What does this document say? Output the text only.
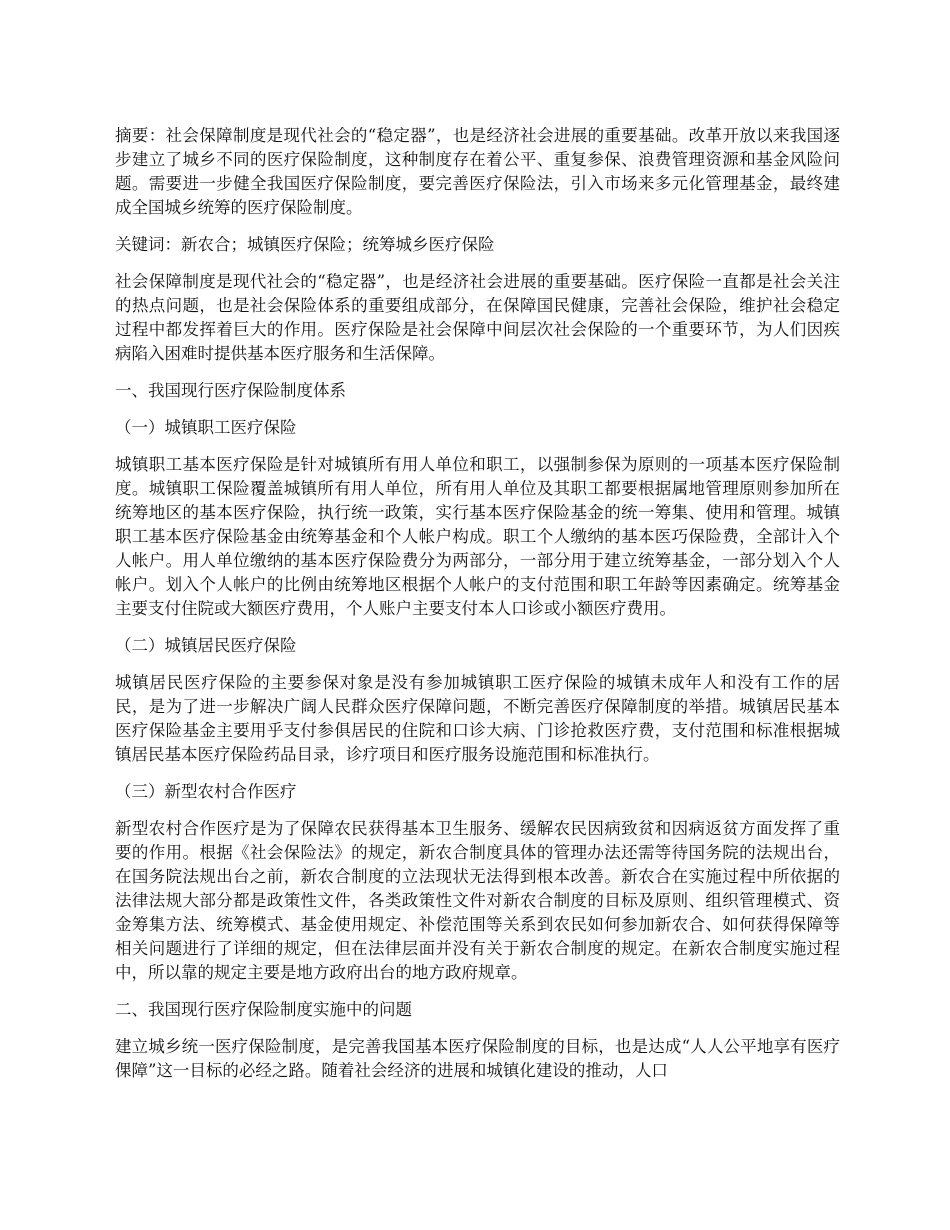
摘要：社会保障制度是现代社会的“稳定器”，也是经济社会进展的重要基础。改革开放以来我国逐步建立了城乡不同的医疗保险制度，这种制度存在着公平、重复参保、浪费管理资源和基金风险问题。需要进一步健全我国医疗保险制度，要完善医疗保险法，引入市场来多元化管理基金，最终建成全国城乡统筹的医疗保险制度。

关键词：新农合；城镇医疗保险；统筹城乡医疗保险

社会保障制度是现代社会的“稳定器”，也是经济社会进展的重要基础。医疗保险一直都是社会关注的热点问题，也是社会保险体系的重要组成部分，在保障国民健康，完善社会保险，维护社会稳定过程中都发挥着巨大的作用。医疗保险是社会保障中间层次社会保险的一个重要环节，为人们因疾病陷入困难时提供基本医疗服务和生活保障。

一、我国现行医疗保险制度体系

（一）城镇职工医疗保险

城镇职工基本医疗保险是针对城镇所有用人单位和职工，以强制参保为原则的一项基本医疗保险制度。城镇职工保险覆盖城镇所有用人单位，所有用人单位及其职工都要根据属地管理原则参加所在统筹地区的基本医疗保险，执行统一政策，实行基本医疗保险基金的统一筹集、使用和管理。城镇职工基本医疗保险基金由统筹基金和个人帐户构成。职工个人缴纳的基本医巧保险费，全部计入个人帐户。用人单位缴纳的基本医疗保险费分为两部分，一部分用于建立统筹基金，一部分划入个人帐户。划入个人帐户的比例由统筹地区根据个人帐户的支付范围和职工年龄等因素确定。统筹基金主要支付住院或大额医疗费用，个人账户主要支付本人口诊或小额医疗费用。

（二）城镇居民医疗保险

城镇居民医疗保险的主要参保对象是没有参加城镇职工医疗保险的城镇未成年人和没有工作的居民，是为了进一步解决广阔人民群众医疗保障问题，不断完善医疗保障制度的举措。城镇居民基本医疗保险基金主要用乎支付参俱居民的住院和口诊大病、门诊抢救医疗费，支付范围和标准根据城镇居民基本医疗保险药品目录，诊疗项目和医疗服务设施范围和标准执行。

（三）新型农村合作医疗

新型农村合作医疗是为了保障农民获得基本卫生服务、缓解农民因病致贫和因病返贫方面发挥了重要的作用。根据《社会保险法》的规定，新农合制度具体的管理办法还需等待国务院的法规出台，在国务院法规出台之前，新农合制度的立法现状无法得到根本改善。新农合在实施过程中所依据的法律法规大部分都是政策性文件，各类政策性文件对新农合制度的目标及原则、组织管理模式、资金筹集方法、统筹模式、基金使用规定、补偿范围等关系到农民如何参加新农合、如何获得保障等相关问题进行了详细的规定，但在法律层面并没有关于新农合制度的规定。在新农合制度实施过程中，所以靠的规定主要是地方政府出台的地方政府规章。

二、我国现行医疗保险制度实施中的问题

建立城乡统一医疗保险制度，是完善我国基本医疗保险制度的目标，也是达成“人人公平地享有医疗倮障”这一目标的必经之路。随着社会经济的进展和城镇化建设的推动，人口
